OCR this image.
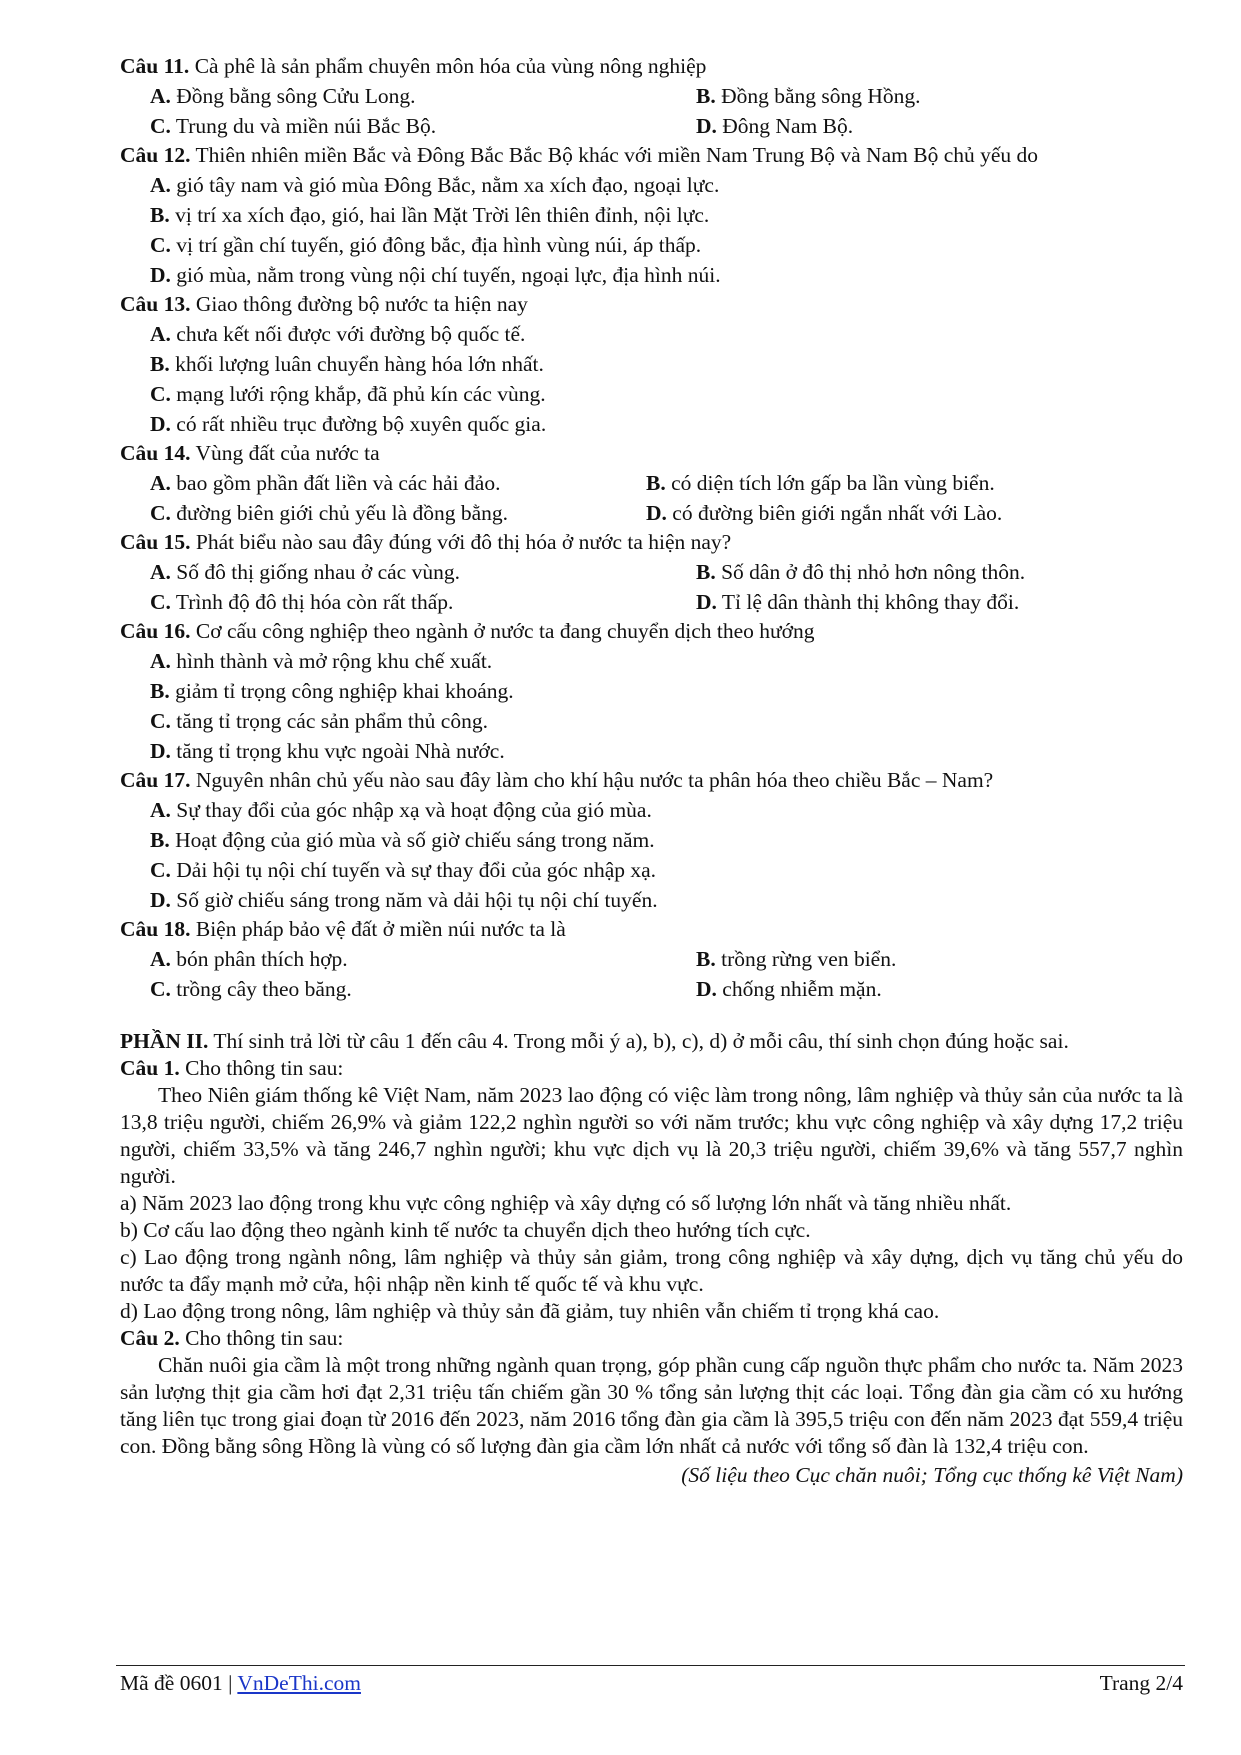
Câu 11. Cà phê là sản phẩm chuyên môn hóa của vùng nông nghiệp
A. Đồng bằng sông Cửu Long.	B. Đồng bằng sông Hồng.
C. Trung du và miền núi Bắc Bộ.	D. Đông Nam Bộ.
Câu 12. Thiên nhiên miền Bắc và Đông Bắc Bắc Bộ khác với miền Nam Trung Bộ và Nam Bộ chủ yếu do
A. gió tây nam và gió mùa Đông Bắc, nằm xa xích đạo, ngoại lực.
B. vị trí xa xích đạo, gió, hai lần Mặt Trời lên thiên đỉnh, nội lực.
C. vị trí gần chí tuyến, gió đông bắc, địa hình vùng núi, áp thấp.
D. gió mùa, nằm trong vùng nội chí tuyến, ngoại lực, địa hình núi.
Câu 13. Giao thông đường bộ nước ta hiện nay
A. chưa kết nối được với đường bộ quốc tế.
B. khối lượng luân chuyển hàng hóa lớn nhất.
C. mạng lưới rộng khắp, đã phủ kín các vùng.
D. có rất nhiều trục đường bộ xuyên quốc gia.
Câu 14. Vùng đất của nước ta
A. bao gồm phần đất liền và các hải đảo.	B. có diện tích lớn gấp ba lần vùng biển.
C. đường biên giới chủ yếu là đồng bằng.	D. có đường biên giới ngắn nhất với Lào.
Câu 15. Phát biểu nào sau đây đúng với đô thị hóa ở nước ta hiện nay?
A. Số đô thị giống nhau ở các vùng.	B. Số dân ở đô thị nhỏ hơn nông thôn.
C. Trình độ đô thị hóa còn rất thấp.	D. Tỉ lệ dân thành thị không thay đổi.
Câu 16. Cơ cấu công nghiệp theo ngành ở nước ta đang chuyển dịch theo hướng
A. hình thành và mở rộng khu chế xuất.
B. giảm tỉ trọng công nghiệp khai khoáng.
C. tăng tỉ trọng các sản phẩm thủ công.
D. tăng tỉ trọng khu vực ngoài Nhà nước.
Câu 17. Nguyên nhân chủ yếu nào sau đây làm cho khí hậu nước ta phân hóa theo chiều Bắc – Nam?
A. Sự thay đổi của góc nhập xạ và hoạt động của gió mùa.
B. Hoạt động của gió mùa và số giờ chiếu sáng trong năm.
C. Dải hội tụ nội chí tuyến và sự thay đổi của góc nhập xạ.
D. Số giờ chiếu sáng trong năm và dải hội tụ nội chí tuyến.
Câu 18. Biện pháp bảo vệ đất ở miền núi nước ta là
A. bón phân thích hợp.	B. trồng rừng ven biển.
C. trồng cây theo băng.	D. chống nhiễm mặn.
PHẦN II. Thí sinh trả lời từ câu 1 đến câu 4. Trong mỗi ý a), b), c), d) ở mỗi câu, thí sinh chọn đúng hoặc sai.
Câu 1. Cho thông tin sau:
Theo Niên giám thống kê Việt Nam, năm 2023 lao động có việc làm trong nông, lâm nghiệp và thủy sản của nước ta là 13,8 triệu người, chiếm 26,9% và giảm 122,2 nghìn người so với năm trước; khu vực công nghiệp và xây dựng 17,2 triệu người, chiếm 33,5% và tăng 246,7 nghìn người; khu vực dịch vụ là 20,3 triệu người, chiếm 39,6% và tăng 557,7 nghìn người.
a) Năm 2023 lao động trong khu vực công nghiệp và xây dựng có số lượng lớn nhất và tăng nhiều nhất.
b) Cơ cấu lao động theo ngành kinh tế nước ta chuyển dịch theo hướng tích cực.
c) Lao động trong ngành nông, lâm nghiệp và thủy sản giảm, trong công nghiệp và xây dựng, dịch vụ tăng chủ yếu do nước ta đẩy mạnh mở cửa, hội nhập nền kinh tế quốc tế và khu vực.
d) Lao động trong nông, lâm nghiệp và thủy sản đã giảm, tuy nhiên vẫn chiếm tỉ trọng khá cao.
Câu 2. Cho thông tin sau:
Chăn nuôi gia cầm là một trong những ngành quan trọng, góp phần cung cấp nguồn thực phẩm cho nước ta. Năm 2023 sản lượng thịt gia cầm hơi đạt 2,31 triệu tấn chiếm gần 30 % tổng sản lượng thịt các loại. Tổng đàn gia cầm có xu hướng tăng liên tục trong giai đoạn từ 2016 đến 2023, năm 2016 tổng đàn gia cầm là 395,5 triệu con đến năm 2023 đạt 559,4 triệu con. Đồng bằng sông Hồng là vùng có số lượng đàn gia cầm lớn nhất cả nước với tổng số đàn là 132,4 triệu con.
(Số liệu theo Cục chăn nuôi; Tổng cục thống kê Việt Nam)
Mã đề 0601 | VnDeThi.com	Trang 2/4
